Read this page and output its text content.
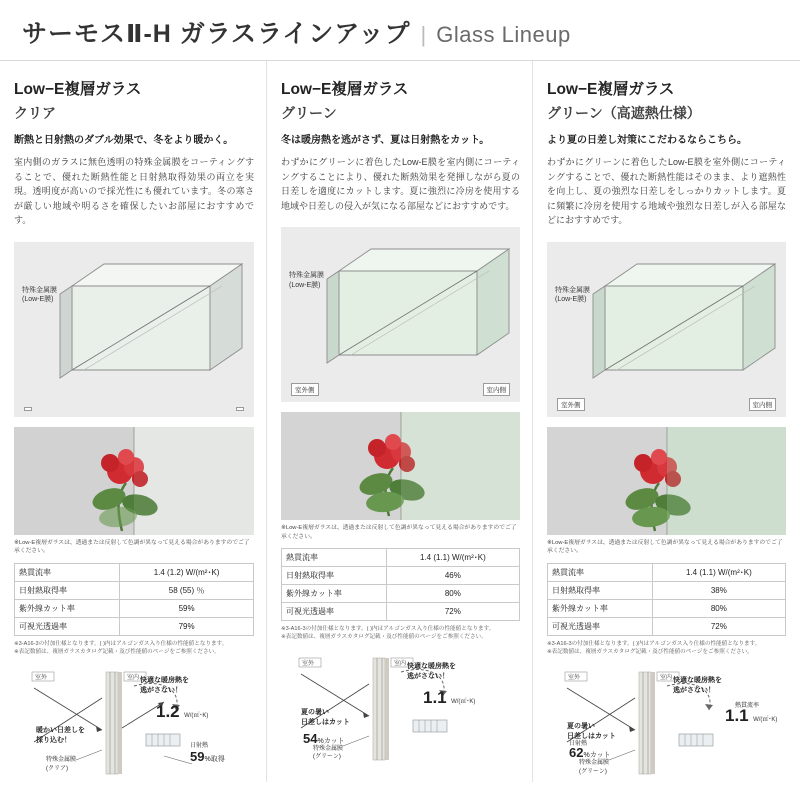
サーモスⅡ-H ガラスラインアップ | Glass Lineup
Low−E複層ガラス
クリア
断熱と日射熱のダブル効果で、冬をより暖かく。
室内側のガラスに無色透明の特殊金属膜をコーティングすることで、優れた断熱性能と日射熱取得効果の両立を実現。透明度が高いので採光性にも優れています。冬の寒さが厳しい地域や明るさを確保したいお部屋におすすめです。
特殊金属膜
(Low-E膜)
※Low-E複層ガラスは、透過または反射して色調が異なって見える場合がありますのでご了承ください。
熱貫流率	1.4 (1.2) W/(m²･K)
日射熱取得率	58 (55) ％
紫外線カット率	59%
可視光透過率	79%
※3-A16-3の付加仕様となります。( )内はアルゴンガス入り仕様の性能値となります。
※表記数値は、複層ガラスカタログ記載・及び性能値のページをご参照ください。
室外	室内 快適な暖房熱を
逃がさない！
1.2 W/(㎡･K)
暖かい日差しを
採り込む！
日射熱
59%取得
特殊金属膜
(クリア)
Low−E複層ガラス
グリーン
冬は暖房熱を逃がさず、夏は日射熱をカット。
わずかにグリーンに着色したLow-E膜を室内側にコーティングすることにより、優れた断熱効果を発揮しながら夏の日差しを適度にカットします。夏に強烈に冷房を使用する地域や日差しの侵入が気になる部屋などにおすすめです。
特殊金属膜
(Low-E膜)
室外側	室内側
※Low-E複層ガラスは、透過または反射して色調が異なって見える場合がありますのでご了承ください。
熱貫流率	1.4 (1.1) W/(m²･K)
日射熱取得率	46%
紫外線カット率	80%
可視光透過率	72%
※3-A16-3の付加仕様となります。( )内はアルゴンガス入り仕様の性能値となります。
※表記数値は、複層ガラスカタログ記載・及び性能値のページをご参照ください。
室外	室内 快適な暖房熱を
逃がさない！
1.1 W/(㎡･K)
夏の暑い
日差しはカット
54%カット
特殊金属膜
(グリーン)
Low−E複層ガラス
グリーン（高遮熱仕様）
より夏の日差し対策にこだわるならこちら。
わずかにグリーンに着色したLow-E膜を室外側にコーティングすることで、優れた断熱性能はそのまま、より遮熱性を向上し、夏の強烈な日差しをしっかりカットします。夏に頻繁に冷房を使用する地域や強烈な日差しが入る部屋などにおすすめです。
特殊金属膜
(Low-E膜)
室外側	室内側
※Low-E複層ガラスは、透過または反射して色調が異なって見える場合がありますのでご了承ください。
熱貫流率	1.4 (1.1) W/(m²･K)
日射熱取得率	38%
紫外線カット率	80%
可視光透過率	72%
※3-A16-3の付加仕様となります。( )内はアルゴンガス入り仕様の性能値となります。
※表記数値は、複層ガラスカタログ記載・及び性能値のページをご参照ください。
室外	室内 快適な暖房熱を
逃がさない！
熱貫流率
1.1 W/(㎡･K)
夏の暑い
日差しはカット
日射熱
62%カット
特殊金属膜
(グリーン)
